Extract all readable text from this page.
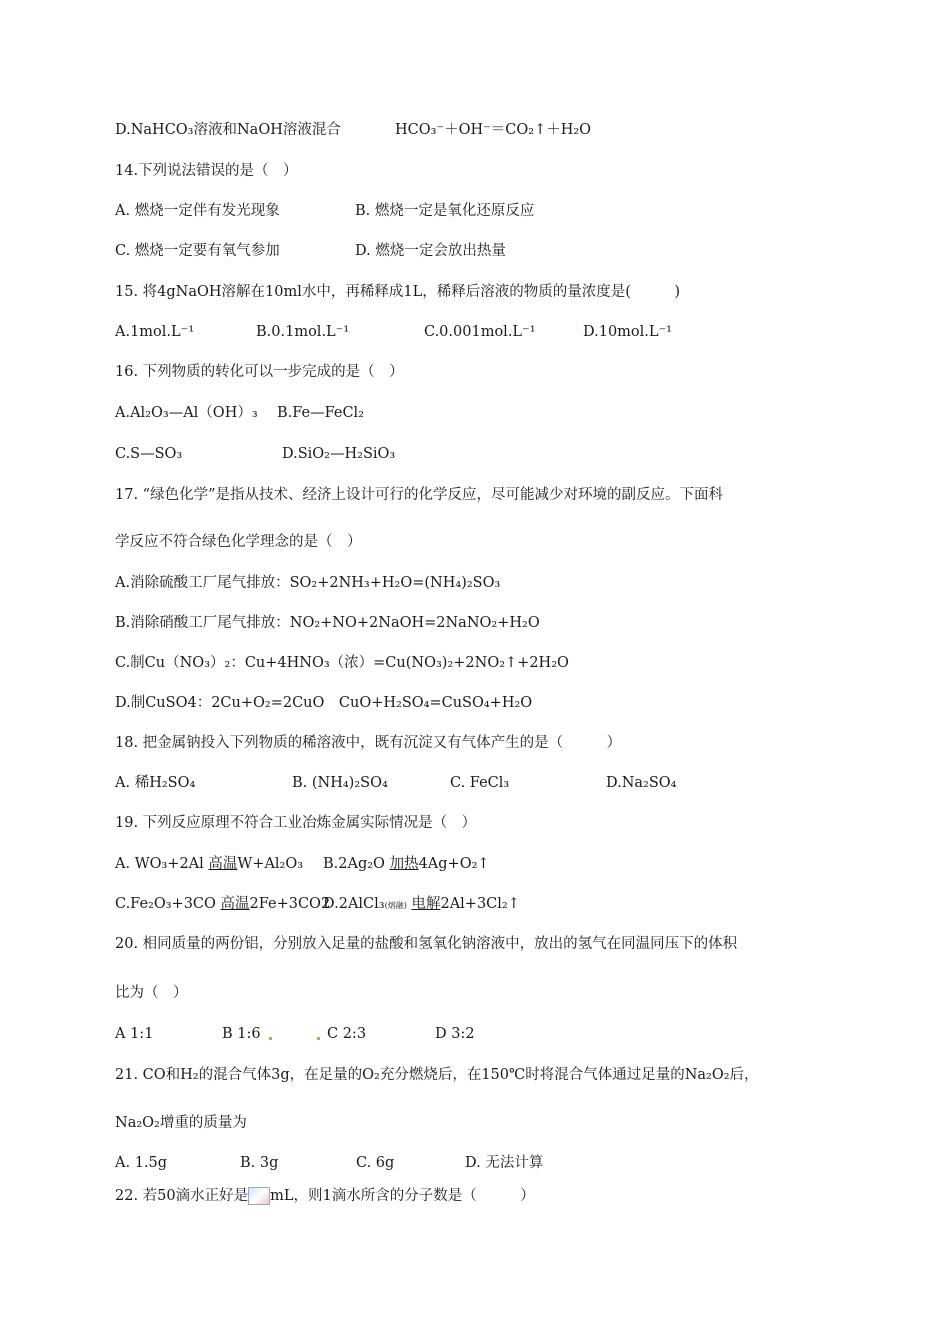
D.NaHCO₃溶液和NaOH溶液混合	HCO₃⁻＋OH⁻＝CO₂↑＋H₂O
14.下列说法错误的是（　）
A. 燃烧一定伴有发光现象	B. 燃烧一定是氧化还原反应
C. 燃烧一定要有氧气参加	D. 燃烧一定会放出热量
15. 将4gNaOH溶解在10ml水中，再稀释成1L，稀释后溶液的物质的量浓度是(　　　)
A.1mol.L⁻¹	B.0.1mol.L⁻¹	C.0.001mol.L⁻¹	D.10mol.L⁻¹
16. 下列物质的转化可以一步完成的是（　）
A.Al₂O₃—Al（OH）₃ B.Fe—FeCl₂
C.S—SO₃	D.SiO₂—H₂SiO₃
17. “绿色化学”是指从技术、经济上设计可行的化学反应，尽可能减少对环境的副反应。下面科
学反应不符合绿色化学理念的是（　）
A.消除硫酸工厂尾气排放：SO₂+2NH₃+H₂O=(NH₄)₂SO₃
B.消除硝酸工厂尾气排放：NO₂+NO+2NaOH=2NaNO₂+H₂O
C.制Cu（NO₃）₂：Cu+4HNO₃（浓）=Cu(NO₃)₂+2NO₂↑+2H₂O
D.制CuSO4：2Cu+O₂=2CuO　CuO+H₂SO₄=CuSO₄+H₂O
18. 把金属钠投入下列物质的稀溶液中，既有沉淀又有气体产生的是（　　　）
A. 稀H₂SO₄	B. (NH₄)₂SO₄	C. FeCl₃	D.Na₂SO₄
19. 下列反应原理不符合工业冶炼金属实际情况是（　）
A. WO₃+2Al 高温W+Al₂O₃ B.2Ag₂O 加热4Ag+O₂↑
C.Fe₂O₃+3CO 高温2Fe+3CO2
D.2AlCl₃(熔融) 电解2Al+3Cl₂↑
20. 相同质量的两份铝，分别放入足量的盐酸和氢氧化钠溶液中，放出的氢气在同温同压下的体积
比为（　）
A 1:1	B 1:6	C 2:3	D 3:2
21. CO和H₂的混合气体3g，在足量的O₂充分燃烧后，在150℃时将混合气体通过足量的Na₂O₂后，
Na₂O₂增重的质量为
A. 1.5g	B. 3g	C. 6g	D. 无法计算
22. 若50滴水正好是 mL，则1滴水所含的分子数是（　　　）
